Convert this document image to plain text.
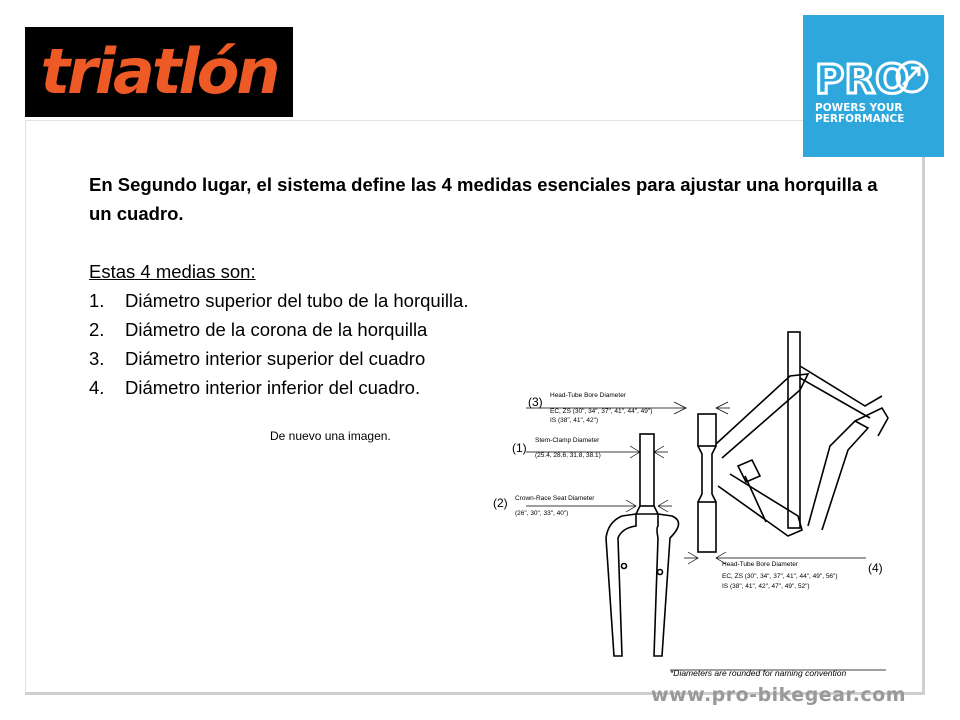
triatlón	PRO
POWERS YOUR
PERFORMANCE

En Segundo lugar, el sistema define las 4 medidas esenciales para ajustar una horquilla a un cuadro.

Estas 4 medias son:

1.	Diámetro superior del tubo de la horquilla.
2.	Diámetro de la corona de la horquilla
3.	Diámetro interior superior del cuadro
4.	Diámetro interior inferior del cuadro.
De nuevo una imagen.
(3) Head-Tube Bore Diameter
EC, ZS (30", 34", 37", 41", 44", 49")
IS (38", 41", 42")
(1)
Stem-Clamp Diameter
(25.4, 28.6, 31.8, 38.1)
(2) Crown-Race Seat Diameter
(26", 30", 33", 40")
Head-Tube Bore Diameter	(4)
EC, ZS (30", 34", 37", 41", 44", 49", 56")
IS (38", 41", 42", 47", 49", 52")
*Diameters are rounded for naming convention
www.pro-bikegear.com
